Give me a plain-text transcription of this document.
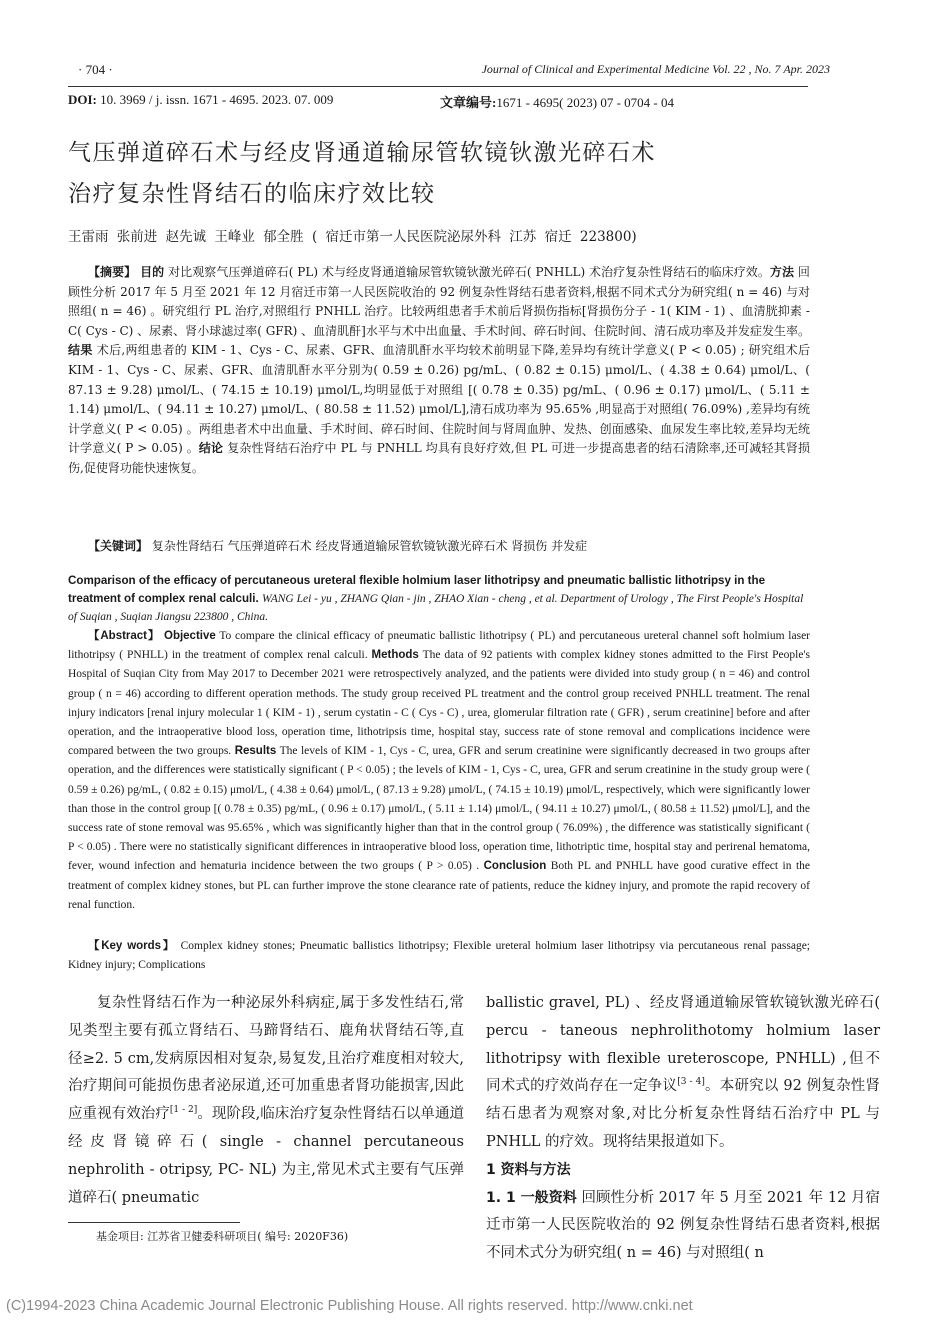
· 704 ·	Journal of Clinical and Experimental Medicine Vol. 22 , No. 7 Apr. 2023
DOI: 10. 3969 / j. issn. 1671 - 4695. 2023. 07. 009	文章编号:1671 - 4695( 2023) 07 - 0704 - 04
气压弹道碎石术与经皮肾通道输尿管软镜钬激光碎石术
治疗复杂性肾结石的临床疗效比较
王雷雨 张前进 赵先诚 王峰业 郁全胜 ( 宿迁市第一人民医院泌尿外科 江苏 宿迁 223800)
【摘要】 目的 对比观察气压弹道碎石( PL) 术与经皮肾通道输尿管软镜钬激光碎石( PNHLL) 术治疗复杂性肾结石的临床疗效。方法 回顾性分析 2017 年 5 月至 2021 年 12 月宿迁市第一人民医院收治的 92 例复杂性肾结石患者资料,根据不同术式分为研究组( n = 46) 与对照组( n = 46) 。研究组行 PL 治疗,对照组行 PNHLL 治疗。比较两组患者手术前后肾损伤指标[肾损伤分子 - 1( KIM - 1) 、血清胱抑素 - C( Cys - C) 、尿素、肾小球滤过率( GFR) 、血清肌酐]水平与术中出血量、手术时间、碎石时间、住院时间、清石成功率及并发症发生率。结果 术后,两组患者的 KIM - 1、Cys - C、尿素、GFR、血清肌酐水平均较术前明显下降,差异均有统计学意义( P < 0.05) ; 研究组术后 KIM - 1、Cys - C、尿素、GFR、血清肌酐水平分别为( 0.59 ± 0.26) pg/mL、( 0.82 ± 0.15) μmol/L、( 4.38 ± 0.64) μmol/L、( 87.13 ± 9.28) μmol/L、( 74.15 ± 10.19) μmol/L,均明显低于对照组 [( 0.78 ± 0.35) pg/mL、( 0.96 ± 0.17) μmol/L、( 5.11 ± 1.14) μmol/L、( 94.11 ± 10.27) μmol/L、( 80.58 ± 11.52) μmol/L],清石成功率为 95.65% ,明显高于对照组( 76.09%) ,差异均有统计学意义( P < 0.05) 。两组患者术中出血量、手术时间、碎石时间、住院时间与肾周血肿、发热、创面感染、血尿发生率比较,差异均无统计学意义( P > 0.05) 。结论 复杂性肾结石治疗中 PL 与 PNHLL 均具有良好疗效,但 PL 可进一步提高患者的结石清除率,还可减轻其肾损伤,促使肾功能快速恢复。
【关键词】 复杂性肾结石 气压弹道碎石术 经皮肾通道输尿管软镜钬激光碎石术 肾损伤 并发症
Comparison of the efficacy of percutaneous ureteral flexible holmium laser lithotripsy and pneumatic ballistic lithotripsy in the treatment of complex renal calculi. WANG Lei - yu , ZHANG Qian - jin , ZHAO Xian - cheng , et al. Department of Urology , The First People's Hospital of Suqian , Suqian Jiangsu 223800 , China.
【Abstract】 Objective To compare the clinical efficacy of pneumatic ballistic lithotripsy ( PL) and percutaneous ureteral channel soft holmium laser lithotripsy ( PNHLL) in the treatment of complex renal calculi. Methods The data of 92 patients with complex kidney stones admitted to the First People's Hospital of Suqian City from May 2017 to December 2021 were retrospectively analyzed, and the patients were divided into study group ( n = 46) and control group ( n = 46) according to different operation methods. The study group received PL treatment and the control group received PNHLL treatment. The renal injury indicators [renal injury molecular 1 ( KIM - 1) , serum cystatin - C ( Cys - C) , urea, glomerular filtration rate ( GFR) , serum creatinine] before and after operation, and the intraoperative blood loss, operation time, lithotripsis time, hospital stay, success rate of stone removal and complications incidence were compared between the two groups. Results The levels of KIM - 1, Cys - C, urea, GFR and serum creatinine were significantly decreased in two groups after operation, and the differences were statistically significant ( P < 0.05) ; the levels of KIM - 1, Cys - C, urea, GFR and serum creatinine in the study group were ( 0.59 ± 0.26) pg/mL, ( 0.82 ± 0.15) μmol/L, ( 4.38 ± 0.64) μmol/L, ( 87.13 ± 9.28) μmol/L, ( 74.15 ± 10.19) μmol/L, respectively, which were significantly lower than those in the control group [( 0.78 ± 0.35) pg/mL, ( 0.96 ± 0.17) μmol/L, ( 5.11 ± 1.14) μmol/L, ( 94.11 ± 10.27) μmol/L, ( 80.58 ± 11.52) μmol/L], and the success rate of stone removal was 95.65% , which was significantly higher than that in the control group ( 76.09%) , the difference was statistically significant ( P < 0.05) . There were no statistically significant differences in intraoperative blood loss, operation time, lithotriptic time, hospital stay and perirenal hematoma, fever, wound infection and hematuria incidence between the two groups ( P > 0.05) . Conclusion Both PL and PNHLL have good curative effect in the treatment of complex kidney stones, but PL can further improve the stone clearance rate of patients, reduce the kidney injury, and promote the rapid recovery of renal function.
【Key words】 Complex kidney stones; Pneumatic ballistics lithotripsy; Flexible ureteral holmium laser lithotripsy via percutaneous renal passage; Kidney injury; Complications
复杂性肾结石作为一种泌尿外科病症,属于多发性结石,常见类型主要有孤立肾结石、马蹄肾结石、鹿角状肾结石等,直径≥2. 5 cm,发病原因相对复杂,易复发,且治疗难度相对较大,治疗期间可能损伤患者泌尿道,还可加重患者肾功能损害,因此应重视有效治疗[1 - 2]。现阶段,临床治疗复杂性肾结石以单通道经皮肾镜碎石( single - channel percutaneous nephrolith - otripsy, PC- NL) 为主,常见术式主要有气压弹道碎石( pneumatic
ballistic gravel, PL) 、经皮肾通道输尿管软镜钬激光碎石( percu - taneous nephrolithotomy holmium laser lithotripsy with flexible ureteroscope, PNHLL) ,但不同术式的疗效尚存在一定争议[3 - 4]。本研究以 92 例复杂性肾结石患者为观察对象,对比分析复杂性肾结石治疗中 PL 与 PNHLL 的疗效。现将结果报道如下。
1 资料与方法
1. 1 一般资料 回顾性分析 2017 年 5 月至 2021 年 12 月宿迁市第一人民医院收治的 92 例复杂性肾结石患者资料,根据不同术式分为研究组( n = 46) 与对照组( n
基金项目: 江苏省卫健委科研项目( 编号: 2020F36)
(C)1994-2023 China Academic Journal Electronic Publishing House. All rights reserved. http://www.cnki.net
